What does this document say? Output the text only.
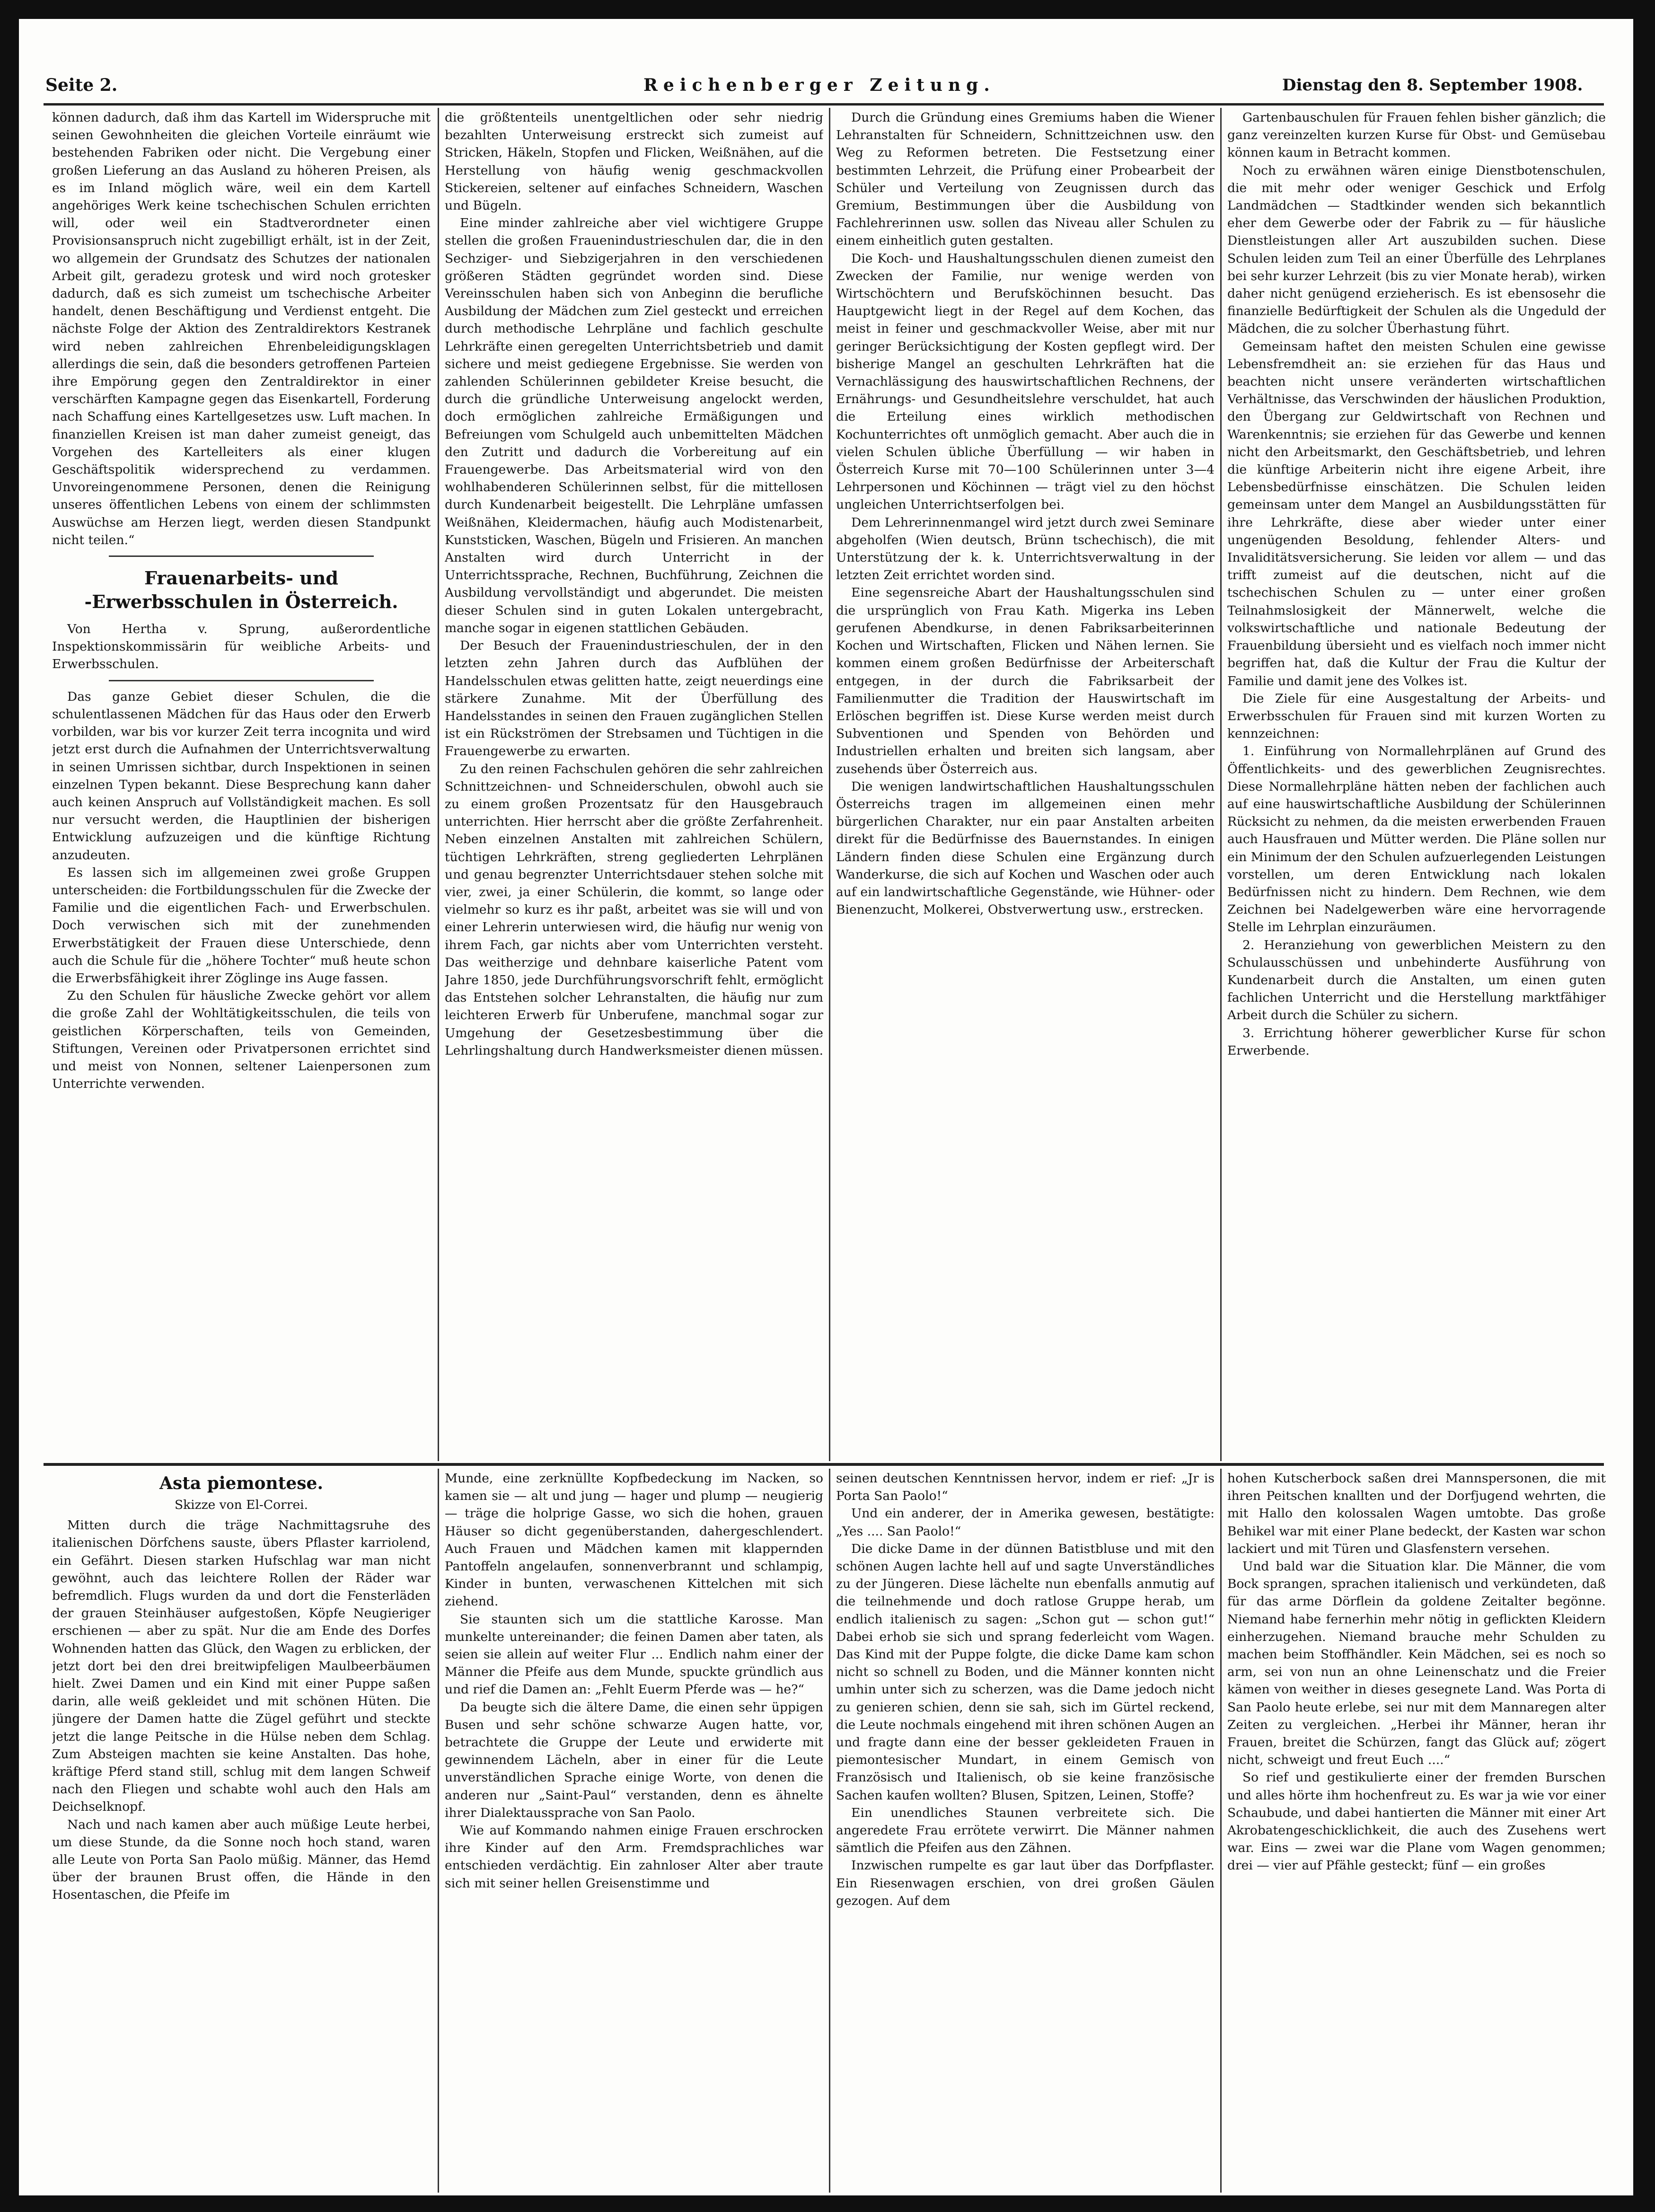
Seite 2.	Reichenberger Zeitung.	Dienstag den 8. September 1908.

können dadurch, daß ihm das Kartell im Widerspruche mit seinen Gewohnheiten die gleichen Vorteile einräumt wie bestehenden Fabriken oder nicht. Die Vergebung einer großen Lieferung an das Ausland zu höheren Preisen, als es im Inland möglich wäre, weil ein dem Kartell angehöriges Werk keine tschechischen Schulen errichten will, oder weil ein Stadtverordneter einen Provisionsanspruch nicht zugebilligt erhält, ist in der Zeit, wo allgemein der Grundsatz des Schutzes der nationalen Arbeit gilt, geradezu grotesk und wird noch grotesker dadurch, daß es sich zumeist um tschechische Arbeiter handelt, denen Beschäftigung und Verdienst entgeht. Die nächste Folge der Aktion des Zentraldirektors Kestranek wird neben zahlreichen Ehrenbeleidigungsklagen allerdings die sein, daß die besonders getroffenen Parteien ihre Empörung gegen den Zentraldirektor in einer verschärften Kampagne gegen das Eisenkartell, Forderung nach Schaffung eines Kartellgesetzes usw. Luft machen. In finanziellen Kreisen ist man daher zumeist geneigt, das Vorgehen des Kartelleiters als einer klugen Geschäftspolitik widersprechend zu verdammen. Unvoreingenommene Personen, denen die Reinigung unseres öffentlichen Lebens von einem der schlimmsten Auswüchse am Herzen liegt, werden diesen Standpunkt nicht teilen.“

Frauenarbeits- und
-Erwerbsschulen in Österreich.

Von Hertha v. Sprung, außerordentliche Inspektionskommissärin für weibliche Arbeits- und Erwerbsschulen.

Das ganze Gebiet dieser Schulen, die die schulentlassenen Mädchen für das Haus oder den Erwerb vorbilden, war bis vor kurzer Zeit terra incognita und wird jetzt erst durch die Aufnahmen der Unterrichtsverwaltung in seinen Umrissen sichtbar, durch Inspektionen in seinen einzelnen Typen bekannt. Diese Besprechung kann daher auch keinen Anspruch auf Vollständigkeit machen. Es soll nur versucht werden, die Hauptlinien der bisherigen Entwicklung aufzuzeigen und die künftige Richtung anzudeuten.

Es lassen sich im allgemeinen zwei große Gruppen unterscheiden: die Fortbildungsschulen für die Zwecke der Familie und die eigentlichen Fach- und Erwerbschulen. Doch verwischen sich mit der zunehmenden Erwerbstätigkeit der Frauen diese Unterschiede, denn auch die Schule für die „höhere Tochter“ muß heute schon die Erwerbsfähigkeit ihrer Zöglinge ins Auge fassen.

Zu den Schulen für häusliche Zwecke gehört vor allem die große Zahl der Wohltätigkeitsschulen, die teils von geistlichen Körperschaften, teils von Gemeinden, Stiftungen, Vereinen oder Privatpersonen errichtet sind und meist von Nonnen, seltener Laienpersonen zum Unterrichte verwenden.

die größtenteils unentgeltlichen oder sehr niedrig bezahlten Unterweisung erstreckt sich zumeist auf Stricken, Häkeln, Stopfen und Flicken, Weißnähen, auf die Herstellung von häufig wenig geschmackvollen Stickereien, seltener auf einfaches Schneidern, Waschen und Bügeln.

Eine minder zahlreiche aber viel wichtigere Gruppe stellen die großen Frauenindustrieschulen dar, die in den Sechziger- und Siebzigerjahren in den verschiedenen größeren Städten gegründet worden sind. Diese Vereinsschulen haben sich von Anbeginn die berufliche Ausbildung der Mädchen zum Ziel gesteckt und erreichen durch methodische Lehrpläne und fachlich geschulte Lehrkräfte einen geregelten Unterrichtsbetrieb und damit sichere und meist gediegene Ergebnisse. Sie werden von zahlenden Schülerinnen gebildeter Kreise besucht, die durch die gründliche Unterweisung angelockt werden, doch ermöglichen zahlreiche Ermäßigungen und Befreiungen vom Schulgeld auch unbemittelten Mädchen den Zutritt und dadurch die Vorbereitung auf ein Frauengewerbe. Das Arbeitsmaterial wird von den wohlhabenderen Schülerinnen selbst, für die mittellosen durch Kundenarbeit beigestellt. Die Lehrpläne umfassen Weißnähen, Kleidermachen, häufig auch Modistenarbeit, Kunststicken, Waschen, Bügeln und Frisieren. An manchen Anstalten wird durch Unterricht in der Unterrichtssprache, Rechnen, Buchführung, Zeichnen die Ausbildung vervollständigt und abgerundet. Die meisten dieser Schulen sind in guten Lokalen untergebracht, manche sogar in eigenen stattlichen Gebäuden.

Der Besuch der Frauenindustrieschulen, der in den letzten zehn Jahren durch das Aufblühen der Handelsschulen etwas gelitten hatte, zeigt neuerdings eine stärkere Zunahme. Mit der Überfüllung des Handelsstandes in seinen den Frauen zugänglichen Stellen ist ein Rückströmen der Strebsamen und Tüchtigen in die Frauengewerbe zu erwarten.

Zu den reinen Fachschulen gehören die sehr zahlreichen Schnittzeichnen- und Schneiderschulen, obwohl auch sie zu einem großen Prozentsatz für den Hausgebrauch unterrichten. Hier herrscht aber die größte Zerfahrenheit. Neben einzelnen Anstalten mit zahlreichen Schülern, tüchtigen Lehrkräften, streng gegliederten Lehrplänen und genau begrenzter Unterrichtsdauer stehen solche mit vier, zwei, ja einer Schülerin, die kommt, so lange oder vielmehr so kurz es ihr paßt, arbeitet was sie will und von einer Lehrerin unterwiesen wird, die häufig nur wenig von ihrem Fach, gar nichts aber vom Unterrichten versteht. Das weitherzige und dehnbare kaiserliche Patent vom Jahre 1850, jede Durchführungsvorschrift fehlt, ermöglicht das Entstehen solcher Lehranstalten, die häufig nur zum leichteren Erwerb für Unberufene, manchmal sogar zur Umgehung der Gesetzesbestimmung über die Lehrlingshaltung durch Handwerksmeister dienen müssen.

Durch die Gründung eines Gremiums haben die Wiener Lehranstalten für Schneidern, Schnittzeichnen usw. den Weg zu Reformen betreten. Die Festsetzung einer bestimmten Lehrzeit, die Prüfung einer Probearbeit der Schüler und Verteilung von Zeugnissen durch das Gremium, Bestimmungen über die Ausbildung von Fachlehrerinnen usw. sollen das Niveau aller Schulen zu einem einheitlich guten gestalten.

Die Koch- und Haushaltungsschulen dienen zumeist den Zwecken der Familie, nur wenige werden von Wirtschöchtern und Berufsköchinnen besucht. Das Hauptgewicht liegt in der Regel auf dem Kochen, das meist in feiner und geschmackvoller Weise, aber mit nur geringer Berücksichtigung der Kosten gepflegt wird. Der bisherige Mangel an geschulten Lehrkräften hat die Vernachlässigung des hauswirtschaftlichen Rechnens, der Ernährungs- und Gesundheitslehre verschuldet, hat auch die Erteilung eines wirklich methodischen Kochunterrichtes oft unmöglich gemacht. Aber auch die in vielen Schulen übliche Überfüllung — wir haben in Österreich Kurse mit 70—100 Schülerinnen unter 3—4 Lehrpersonen und Köchinnen — trägt viel zu den höchst ungleichen Unterrichtserfolgen bei.

Dem Lehrerinnenmangel wird jetzt durch zwei Seminare abgeholfen (Wien deutsch, Brünn tschechisch), die mit Unterstützung der k. k. Unterrichtsverwaltung in der letzten Zeit errichtet worden sind.

Eine segensreiche Abart der Haushaltungsschulen sind die ursprünglich von Frau Kath. Migerka ins Leben gerufenen Abendkurse, in denen Fabriksarbeiterinnen Kochen und Wirtschaften, Flicken und Nähen lernen. Sie kommen einem großen Bedürfnisse der Arbeiterschaft entgegen, in der durch die Fabriksarbeit der Familienmutter die Tradition der Hauswirtschaft im Erlöschen begriffen ist. Diese Kurse werden meist durch Subventionen und Spenden von Behörden und Industriellen erhalten und breiten sich langsam, aber zusehends über Österreich aus.

Die wenigen landwirtschaftlichen Haushaltungsschulen Österreichs tragen im allgemeinen einen mehr bürgerlichen Charakter, nur ein paar Anstalten arbeiten direkt für die Bedürfnisse des Bauernstandes. In einigen Ländern finden diese Schulen eine Ergänzung durch Wanderkurse, die sich auf Kochen und Waschen oder auch auf ein landwirtschaftliche Gegenstände, wie Hühner- oder Bienenzucht, Molkerei, Obstverwertung usw., erstrecken.

Gartenbauschulen für Frauen fehlen bisher gänzlich; die ganz vereinzelten kurzen Kurse für Obst- und Gemüsebau können kaum in Betracht kommen.

Noch zu erwähnen wären einige Dienstbotenschulen, die mit mehr oder weniger Geschick und Erfolg Landmädchen — Stadtkinder wenden sich bekanntlich eher dem Gewerbe oder der Fabrik zu — für häusliche Dienstleistungen aller Art auszubilden suchen. Diese Schulen leiden zum Teil an einer Überfülle des Lehrplanes bei sehr kurzer Lehrzeit (bis zu vier Monate herab), wirken daher nicht genügend erzieherisch. Es ist ebensosehr die finanzielle Bedürftigkeit der Schulen als die Ungeduld der Mädchen, die zu solcher Überhastung führt.

Gemeinsam haftet den meisten Schulen eine gewisse Lebensfremdheit an: sie erziehen für das Haus und beachten nicht unsere veränderten wirtschaftlichen Verhältnisse, das Verschwinden der häuslichen Produktion, den Übergang zur Geldwirtschaft von Rechnen und Warenkenntnis; sie erziehen für das Gewerbe und kennen nicht den Arbeitsmarkt, den Geschäftsbetrieb, und lehren die künftige Arbeiterin nicht ihre eigene Arbeit, ihre Lebensbedürfnisse einschätzen. Die Schulen leiden gemeinsam unter dem Mangel an Ausbildungsstätten für ihre Lehrkräfte, diese aber wieder unter einer ungenügenden Besoldung, fehlender Alters- und Invaliditätsversicherung. Sie leiden vor allem — und das trifft zumeist auf die deutschen, nicht auf die tschechischen Schulen zu — unter einer großen Teilnahmslosigkeit der Männerwelt, welche die volkswirtschaftliche und nationale Bedeutung der Frauenbildung übersieht und es vielfach noch immer nicht begriffen hat, daß die Kultur der Frau die Kultur der Familie und damit jene des Volkes ist.

Die Ziele für eine Ausgestaltung der Arbeits- und Erwerbsschulen für Frauen sind mit kurzen Worten zu kennzeichnen:

1. Einführung von Normallehrplänen auf Grund des Öffentlichkeits- und des gewerblichen Zeugnisrechtes. Diese Normallehrpläne hätten neben der fachlichen auch auf eine hauswirtschaftliche Ausbildung der Schülerinnen Rücksicht zu nehmen, da die meisten erwerbenden Frauen auch Hausfrauen und Mütter werden. Die Pläne sollen nur ein Minimum der den Schulen aufzuerlegenden Leistungen vorstellen, um deren Entwicklung nach lokalen Bedürfnissen nicht zu hindern. Dem Rechnen, wie dem Zeichnen bei Nadelgewerben wäre eine hervorragende Stelle im Lehrplan einzuräumen.

2. Heranziehung von gewerblichen Meistern zu den Schulausschüssen und unbehinderte Ausführung von Kundenarbeit durch die Anstalten, um einen guten fachlichen Unterricht und die Herstellung marktfähiger Arbeit durch die Schüler zu sichern.

3. Errichtung höherer gewerblicher Kurse für schon Erwerbende.

Asta piemontese.

Skizze von El-Correi.

Mitten durch die träge Nachmittagsruhe des italienischen Dörfchens sauste, übers Pflaster karriolend, ein Gefährt. Diesen starken Hufschlag war man nicht gewöhnt, auch das leichtere Rollen der Räder war befremdlich. Flugs wurden da und dort die Fensterläden der grauen Steinhäuser aufgestoßen, Köpfe Neugieriger erschienen — aber zu spät. Nur die am Ende des Dorfes Wohnenden hatten das Glück, den Wagen zu erblicken, der jetzt dort bei den drei breitwipfeligen Maulbeerbäumen hielt. Zwei Damen und ein Kind mit einer Puppe saßen darin, alle weiß gekleidet und mit schönen Hüten. Die jüngere der Damen hatte die Zügel geführt und steckte jetzt die lange Peitsche in die Hülse neben dem Schlag. Zum Absteigen machten sie keine Anstalten. Das hohe, kräftige Pferd stand still, schlug mit dem langen Schweif nach den Fliegen und schabte wohl auch den Hals am Deichselknopf.

Nach und nach kamen aber auch müßige Leute herbei, um diese Stunde, da die Sonne noch hoch stand, waren alle Leute von Porta San Paolo müßig. Männer, das Hemd über der braunen Brust offen, die Hände in den Hosentaschen, die Pfeife im

Munde, eine zerknüllte Kopfbedeckung im Nacken, so kamen sie — alt und jung — hager und plump — neugierig — träge die holprige Gasse, wo sich die hohen, grauen Häuser so dicht gegenüberstanden, dahergeschlendert. Auch Frauen und Mädchen kamen mit klappernden Pantoffeln angelaufen, sonnenverbrannt und schlampig, Kinder in bunten, verwaschenen Kittelchen mit sich ziehend.

Sie staunten sich um die stattliche Karosse. Man munkelte untereinander; die feinen Damen aber taten, als seien sie allein auf weiter Flur ... Endlich nahm einer der Männer die Pfeife aus dem Munde, spuckte gründlich aus und rief die Damen an: „Fehlt Euerm Pferde was — he?“

Da beugte sich die ältere Dame, die einen sehr üppigen Busen und sehr schöne schwarze Augen hatte, vor, betrachtete die Gruppe der Leute und erwiderte mit gewinnendem Lächeln, aber in einer für die Leute unverständlichen Sprache einige Worte, von denen die anderen nur „Saint-Paul“ verstanden, denn es ähnelte ihrer Dialektaussprache von San Paolo.

Wie auf Kommando nahmen einige Frauen erschrocken ihre Kinder auf den Arm. Fremdsprachliches war entschieden verdächtig. Ein zahnloser Alter aber traute sich mit seiner hellen Greisenstimme und

seinen deutschen Kenntnissen hervor, indem er rief: „Jr is Porta San Paolo!“

Und ein anderer, der in Amerika gewesen, bestätigte: „Yes .... San Paolo!“

Die dicke Dame in der dünnen Batistbluse und mit den schönen Augen lachte hell auf und sagte Unverständliches zu der Jüngeren. Diese lächelte nun ebenfalls anmutig auf die teilnehmende und doch ratlose Gruppe herab, um endlich italienisch zu sagen: „Schon gut — schon gut!“ Dabei erhob sie sich und sprang federleicht vom Wagen. Das Kind mit der Puppe folgte, die dicke Dame kam schon nicht so schnell zu Boden, und die Männer konnten nicht umhin unter sich zu scherzen, was die Dame jedoch nicht zu genieren schien, denn sie sah, sich im Gürtel reckend, die Leute nochmals eingehend mit ihren schönen Augen an und fragte dann eine der besser gekleideten Frauen in piemontesischer Mundart, in einem Gemisch von Französisch und Italienisch, ob sie keine französische Sachen kaufen wollten? Blusen, Spitzen, Leinen, Stoffe?

Ein unendliches Staunen verbreitete sich. Die angeredete Frau errötete verwirrt. Die Männer nahmen sämtlich die Pfeifen aus den Zähnen.

Inzwischen rumpelte es gar laut über das Dorfpflaster. Ein Riesenwagen erschien, von drei großen Gäulen gezogen. Auf dem

hohen Kutscherbock saßen drei Mannspersonen, die mit ihren Peitschen knallten und der Dorfjugend wehrten, die mit Hallo den kolossalen Wagen umtobte. Das große Behikel war mit einer Plane bedeckt, der Kasten war schon lackiert und mit Türen und Glasfenstern versehen.

Und bald war die Situation klar. Die Männer, die vom Bock sprangen, sprachen italienisch und verkündeten, daß für das arme Dörflein da goldene Zeitalter begönne. Niemand habe fernerhin mehr nötig in geflickten Kleidern einherzugehen. Niemand brauche mehr Schulden zu machen beim Stoffhändler. Kein Mädchen, sei es noch so arm, sei von nun an ohne Leinenschatz und die Freier kämen von weither in dieses gesegnete Land. Was Porta di San Paolo heute erlebe, sei nur mit dem Mannaregen alter Zeiten zu vergleichen. „Herbei ihr Männer, heran ihr Frauen, breitet die Schürzen, fangt das Glück auf; zögert nicht, schweigt und freut Euch ....“

So rief und gestikulierte einer der fremden Burschen und alles hörte ihm hochenfreut zu. Es war ja wie vor einer Schaubude, und dabei hantierten die Männer mit einer Art Akrobatengeschicklichkeit, die auch des Zusehens wert war. Eins — zwei war die Plane vom Wagen genommen; drei — vier auf Pfähle gesteckt; fünf — ein großes
